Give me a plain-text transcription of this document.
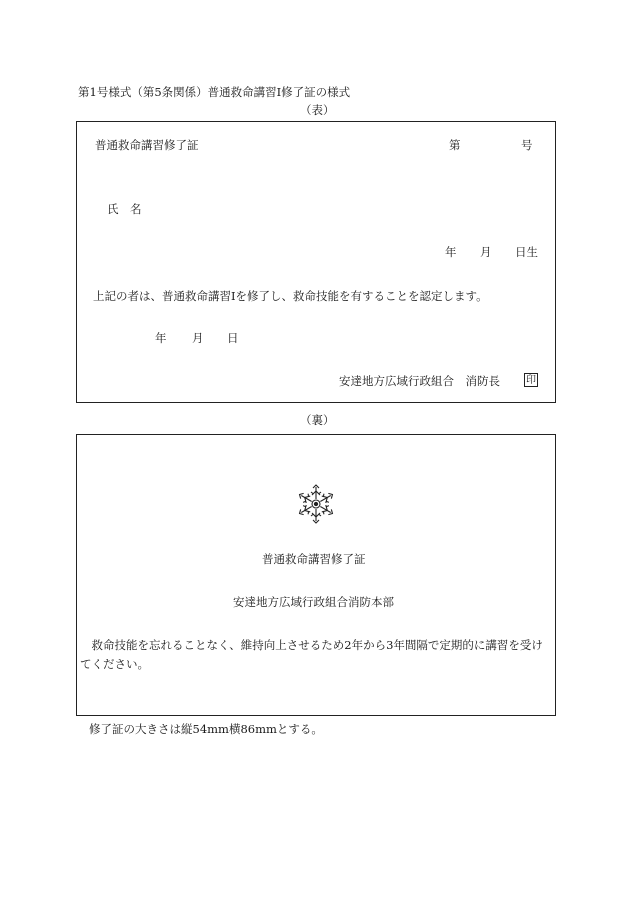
第1号様式（第5条関係）普通救命講習Ⅰ修了証の様式
（表）
普通救命講習修了証	第	号
氏　名
年 月 日生
上記の者は、普通救命講習Ⅰを修了し、救命技能を有することを認定します。
年 月 日
安達地方広域行政組合　消防長	印
（裏）
普通救命講習修了証
安達地方広域行政組合消防本部
　救命技能を忘れることなく、維持向上させるため2年から3年間隔で定期的に講習を受け
てください。
修了証の大きさは縦54mm横86mmとする。
